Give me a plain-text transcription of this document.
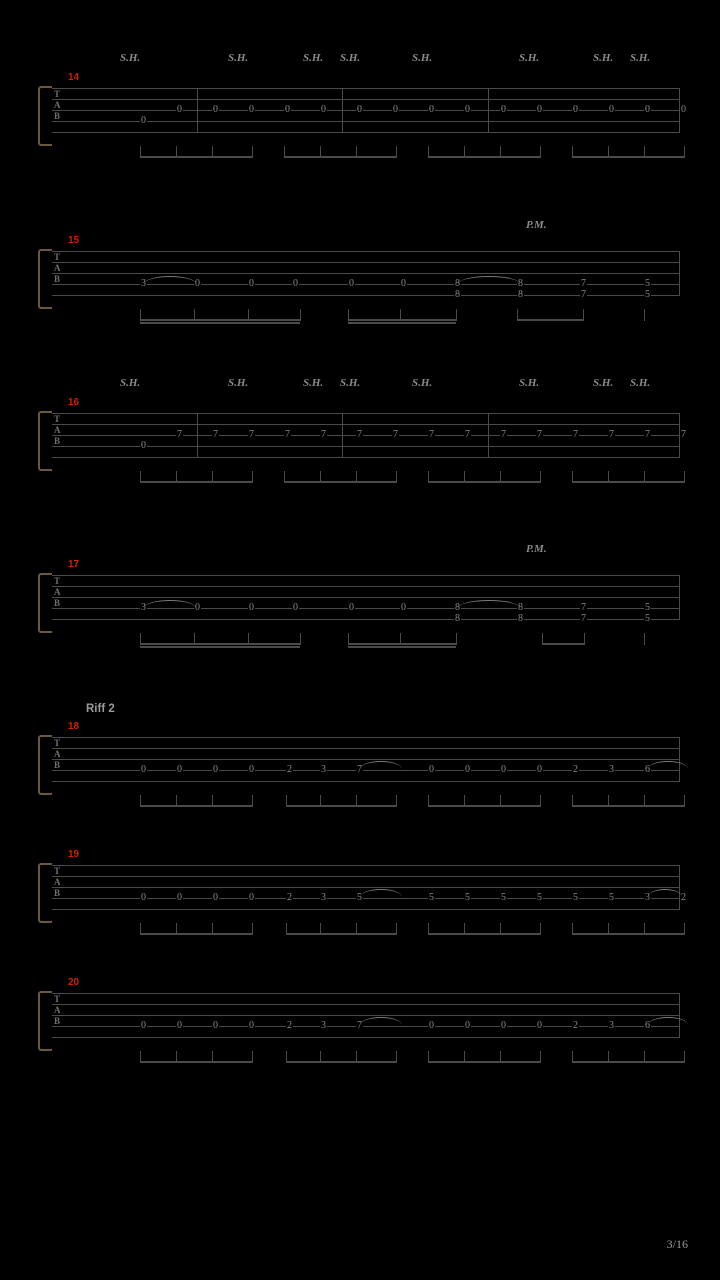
S.H.	S.H.	S.H. S.H.	S.H.	S.H.	S.H. S.H.
14
T
A
B	0
0	0	0	0	0	0	0	0	0	0	0	0	0	0	0
P.M.
15
T
A
B	3	0	0	0	0	0	8
8
8
8
7
7
5
5
S.H.	S.H.	S.H. S.H.	S.H.	S.H.	S.H. S.H.
16
T
A
B	0
7	7	7	7	7	7	7	7	7	7	7	7	7	7	7
P.M.
17
T
A
B	3	0	0	0	0	0	8
8
8
8
7
7
5
5
Riff 2
18
T
A
B	0	0	0	0	2	3	7	0	0	0	0	2	3	6
19
T
A
B	0	0	0	0	2	3	5	5	5	5	5	5	5	3	2
20
T
A
B	0	0	0	0	2	3	7	0	0	0	0	2	3	6
3/16
